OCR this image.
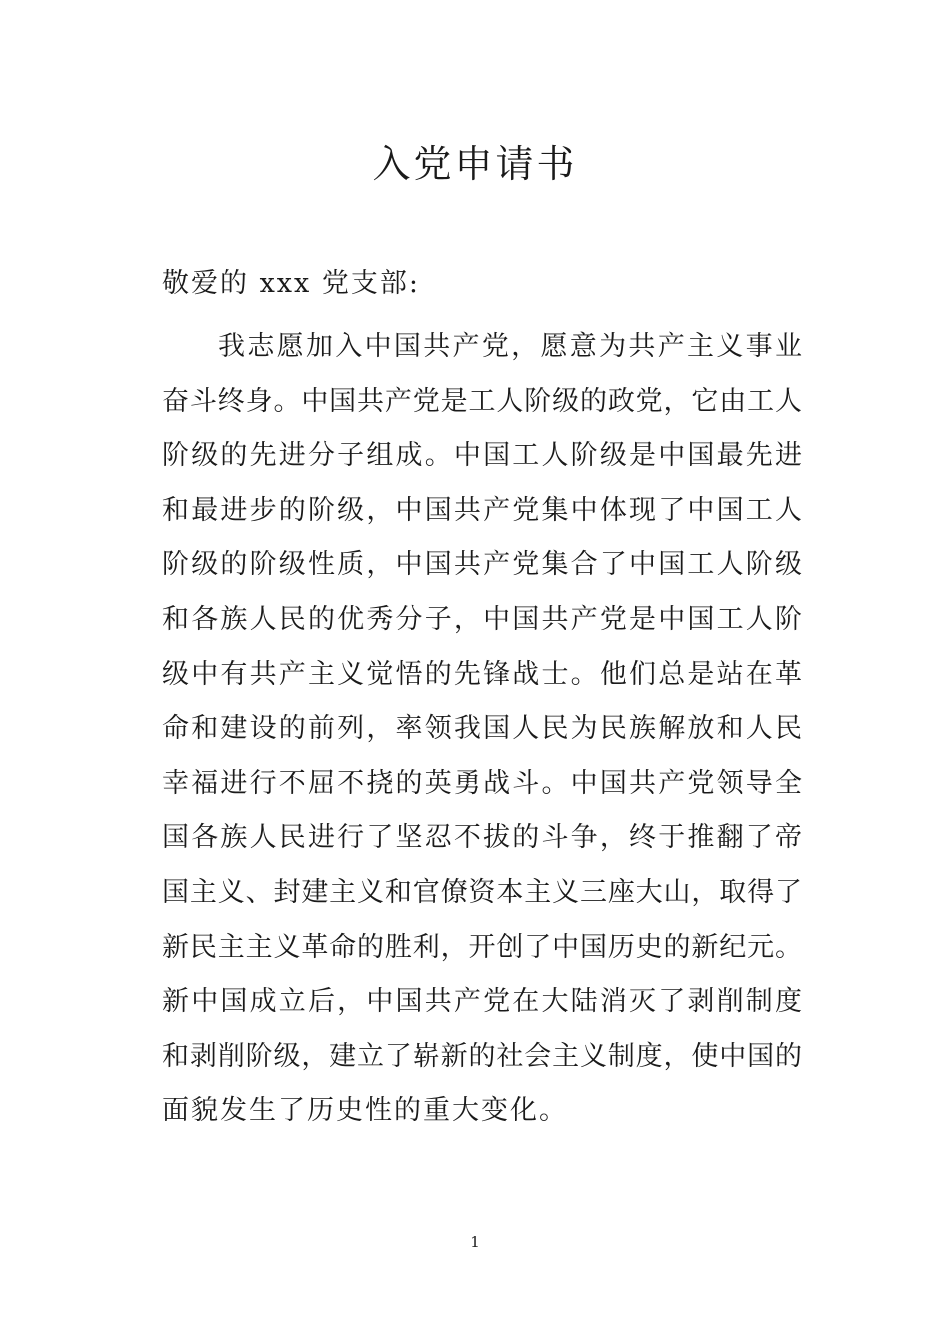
入党申请书
敬爱的 xxx 党支部:
我志愿加入中国共产党，愿意为共产主义事业
奋斗终身。中国共产党是工人阶级的政党，它由工人
阶级的先进分子组成。中国工人阶级是中国最先进
和最进步的阶级，中国共产党集中体现了中国工人
阶级的阶级性质，中国共产党集合了中国工人阶级
和各族人民的优秀分子，中国共产党是中国工人阶
级中有共产主义觉悟的先锋战士。他们总是站在革
命和建设的前列，率领我国人民为民族解放和人民
幸福进行不屈不挠的英勇战斗。中国共产党领导全
国各族人民进行了坚忍不拔的斗争，终于推翻了帝
国主义、封建主义和官僚资本主义三座大山，取得了
新民主主义革命的胜利，开创了中国历史的新纪元。
新中国成立后，中国共产党在大陆消灭了剥削制度
和剥削阶级，建立了崭新的社会主义制度，使中国的
面貌发生了历史性的重大变化。
1
